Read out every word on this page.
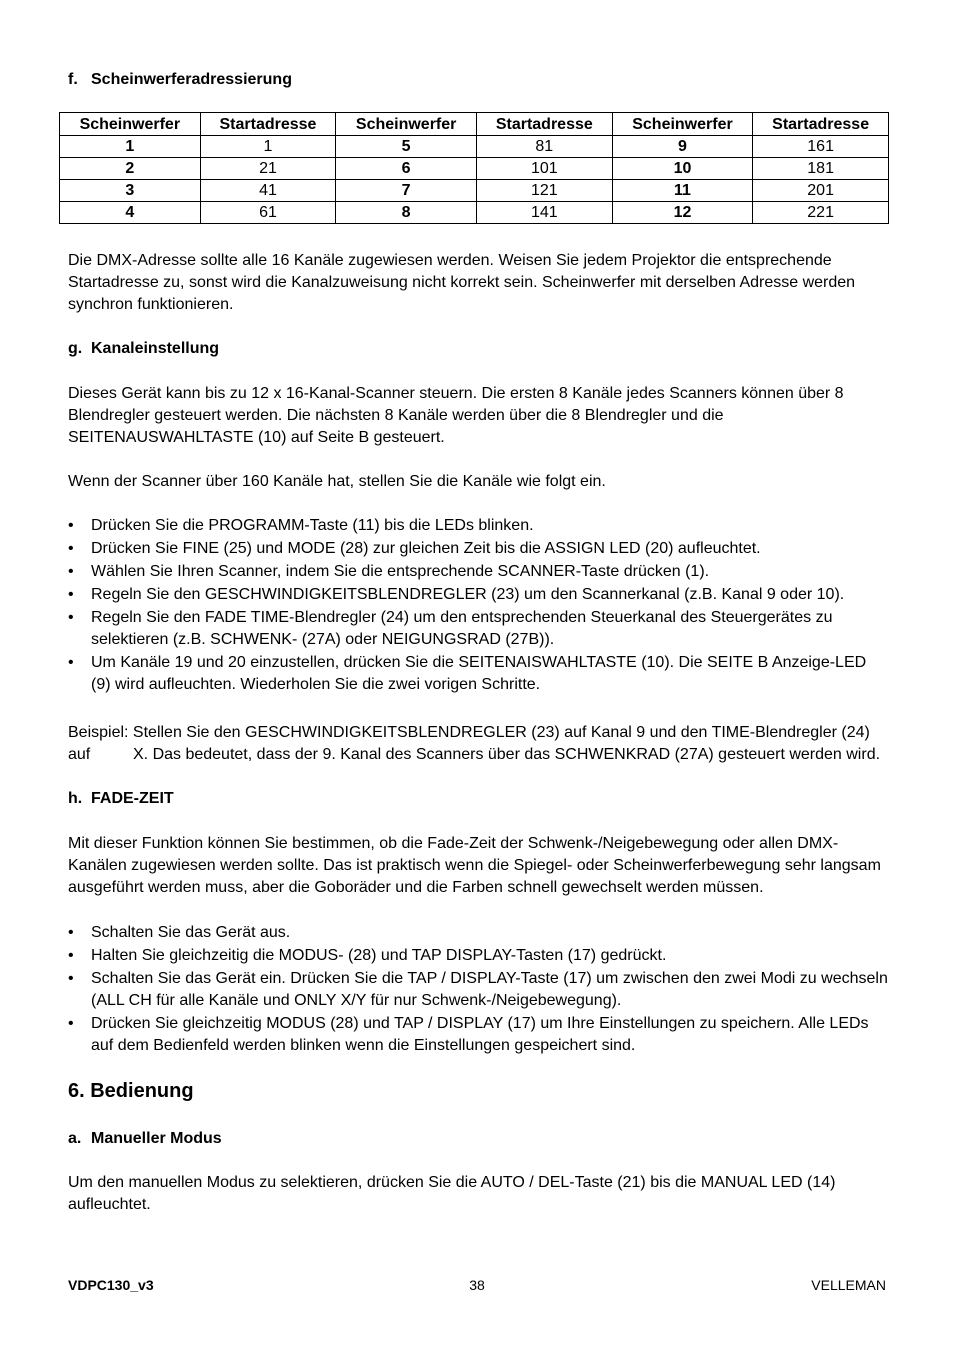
f. Scheinwerferadressierung
Scheinwerfer	Startadresse	Scheinwerfer	Startadresse	Scheinwerfer	Startadresse
1	1	5	81	9	161
2	21	6	101	10	181
3	41	7	121	11	201
4	61	8	141	12	221
Die DMX-Adresse sollte alle 16 Kanäle zugewiesen werden. Weisen Sie jedem Projektor die entsprechende Startadresse zu, sonst wird die Kanalzuweisung nicht korrekt sein. Scheinwerfer mit derselben Adresse werden synchron funktionieren.
g. Kanaleinstellung
Dieses Gerät kann bis zu 12 x 16-Kanal-Scanner steuern. Die ersten 8 Kanäle jedes Scanners können über 8 Blendregler gesteuert werden. Die nächsten 8 Kanäle werden über die 8 Blendregler und die SEITENAUSWAHLTASTE (10) auf Seite B gesteuert.
Wenn der Scanner über 160 Kanäle hat, stellen Sie die Kanäle wie folgt ein.
•	Drücken Sie die PROGRAMM-Taste (11) bis die LEDs blinken.
•	Drücken Sie FINE (25) und MODE (28) zur gleichen Zeit bis die ASSIGN LED (20) aufleuchtet.
•	Wählen Sie Ihren Scanner, indem Sie die entsprechende SCANNER-Taste drücken (1).
•	Regeln Sie den GESCHWINDIGKEITSBLENDREGLER (23) um den Scannerkanal (z.B. Kanal 9 oder 10).
•	Regeln Sie den FADE TIME-Blendregler (24) um den entsprechenden Steuerkanal des Steuergerätes zu selektieren (z.B. SCHWENK- (27A) oder NEIGUNGSRAD (27B)).
•	Um Kanäle 19 und 20 einzustellen, drücken Sie die SEITENAISWAHLTASTE (10). Die SEITE B Anzeige-LED (9) wird aufleuchten. Wiederholen Sie die zwei vorigen Schritte.
Beispiel: Stellen Sie den GESCHWINDIGKEITSBLENDREGLER (23) auf Kanal 9 und den TIME-Blendregler (24) auf	X. Das bedeutet, dass der 9. Kanal des Scanners über das SCHWENKRAD (27A) gesteuert werden wird.
h. FADE-ZEIT
Mit dieser Funktion können Sie bestimmen, ob die Fade-Zeit der Schwenk-/Neigebewegung oder allen DMX-Kanälen zugewiesen werden sollte. Das ist praktisch wenn die Spiegel- oder Scheinwerferbewegung sehr langsam ausgeführt werden muss, aber die Goboräder und die Farben schnell gewechselt werden müssen.
•	Schalten Sie das Gerät aus.
•	Halten Sie gleichzeitig die MODUS- (28) und TAP DISPLAY-Tasten (17) gedrückt.
•	Schalten Sie das Gerät ein. Drücken Sie die TAP / DISPLAY-Taste (17) um zwischen den zwei Modi zu wechseln (ALL CH für alle Kanäle und ONLY X/Y für nur Schwenk-/Neigebewegung).
•	Drücken Sie gleichzeitig MODUS (28) und TAP / DISPLAY (17) um Ihre Einstellungen zu speichern. Alle LEDs auf dem Bedienfeld werden blinken wenn die Einstellungen gespeichert sind.
6. Bedienung
a. Manueller Modus
Um den manuellen Modus zu selektieren, drücken Sie die AUTO / DEL-Taste (21) bis die MANUAL LED (14) aufleuchtet.
VDPC130_v3	38	VELLEMAN
